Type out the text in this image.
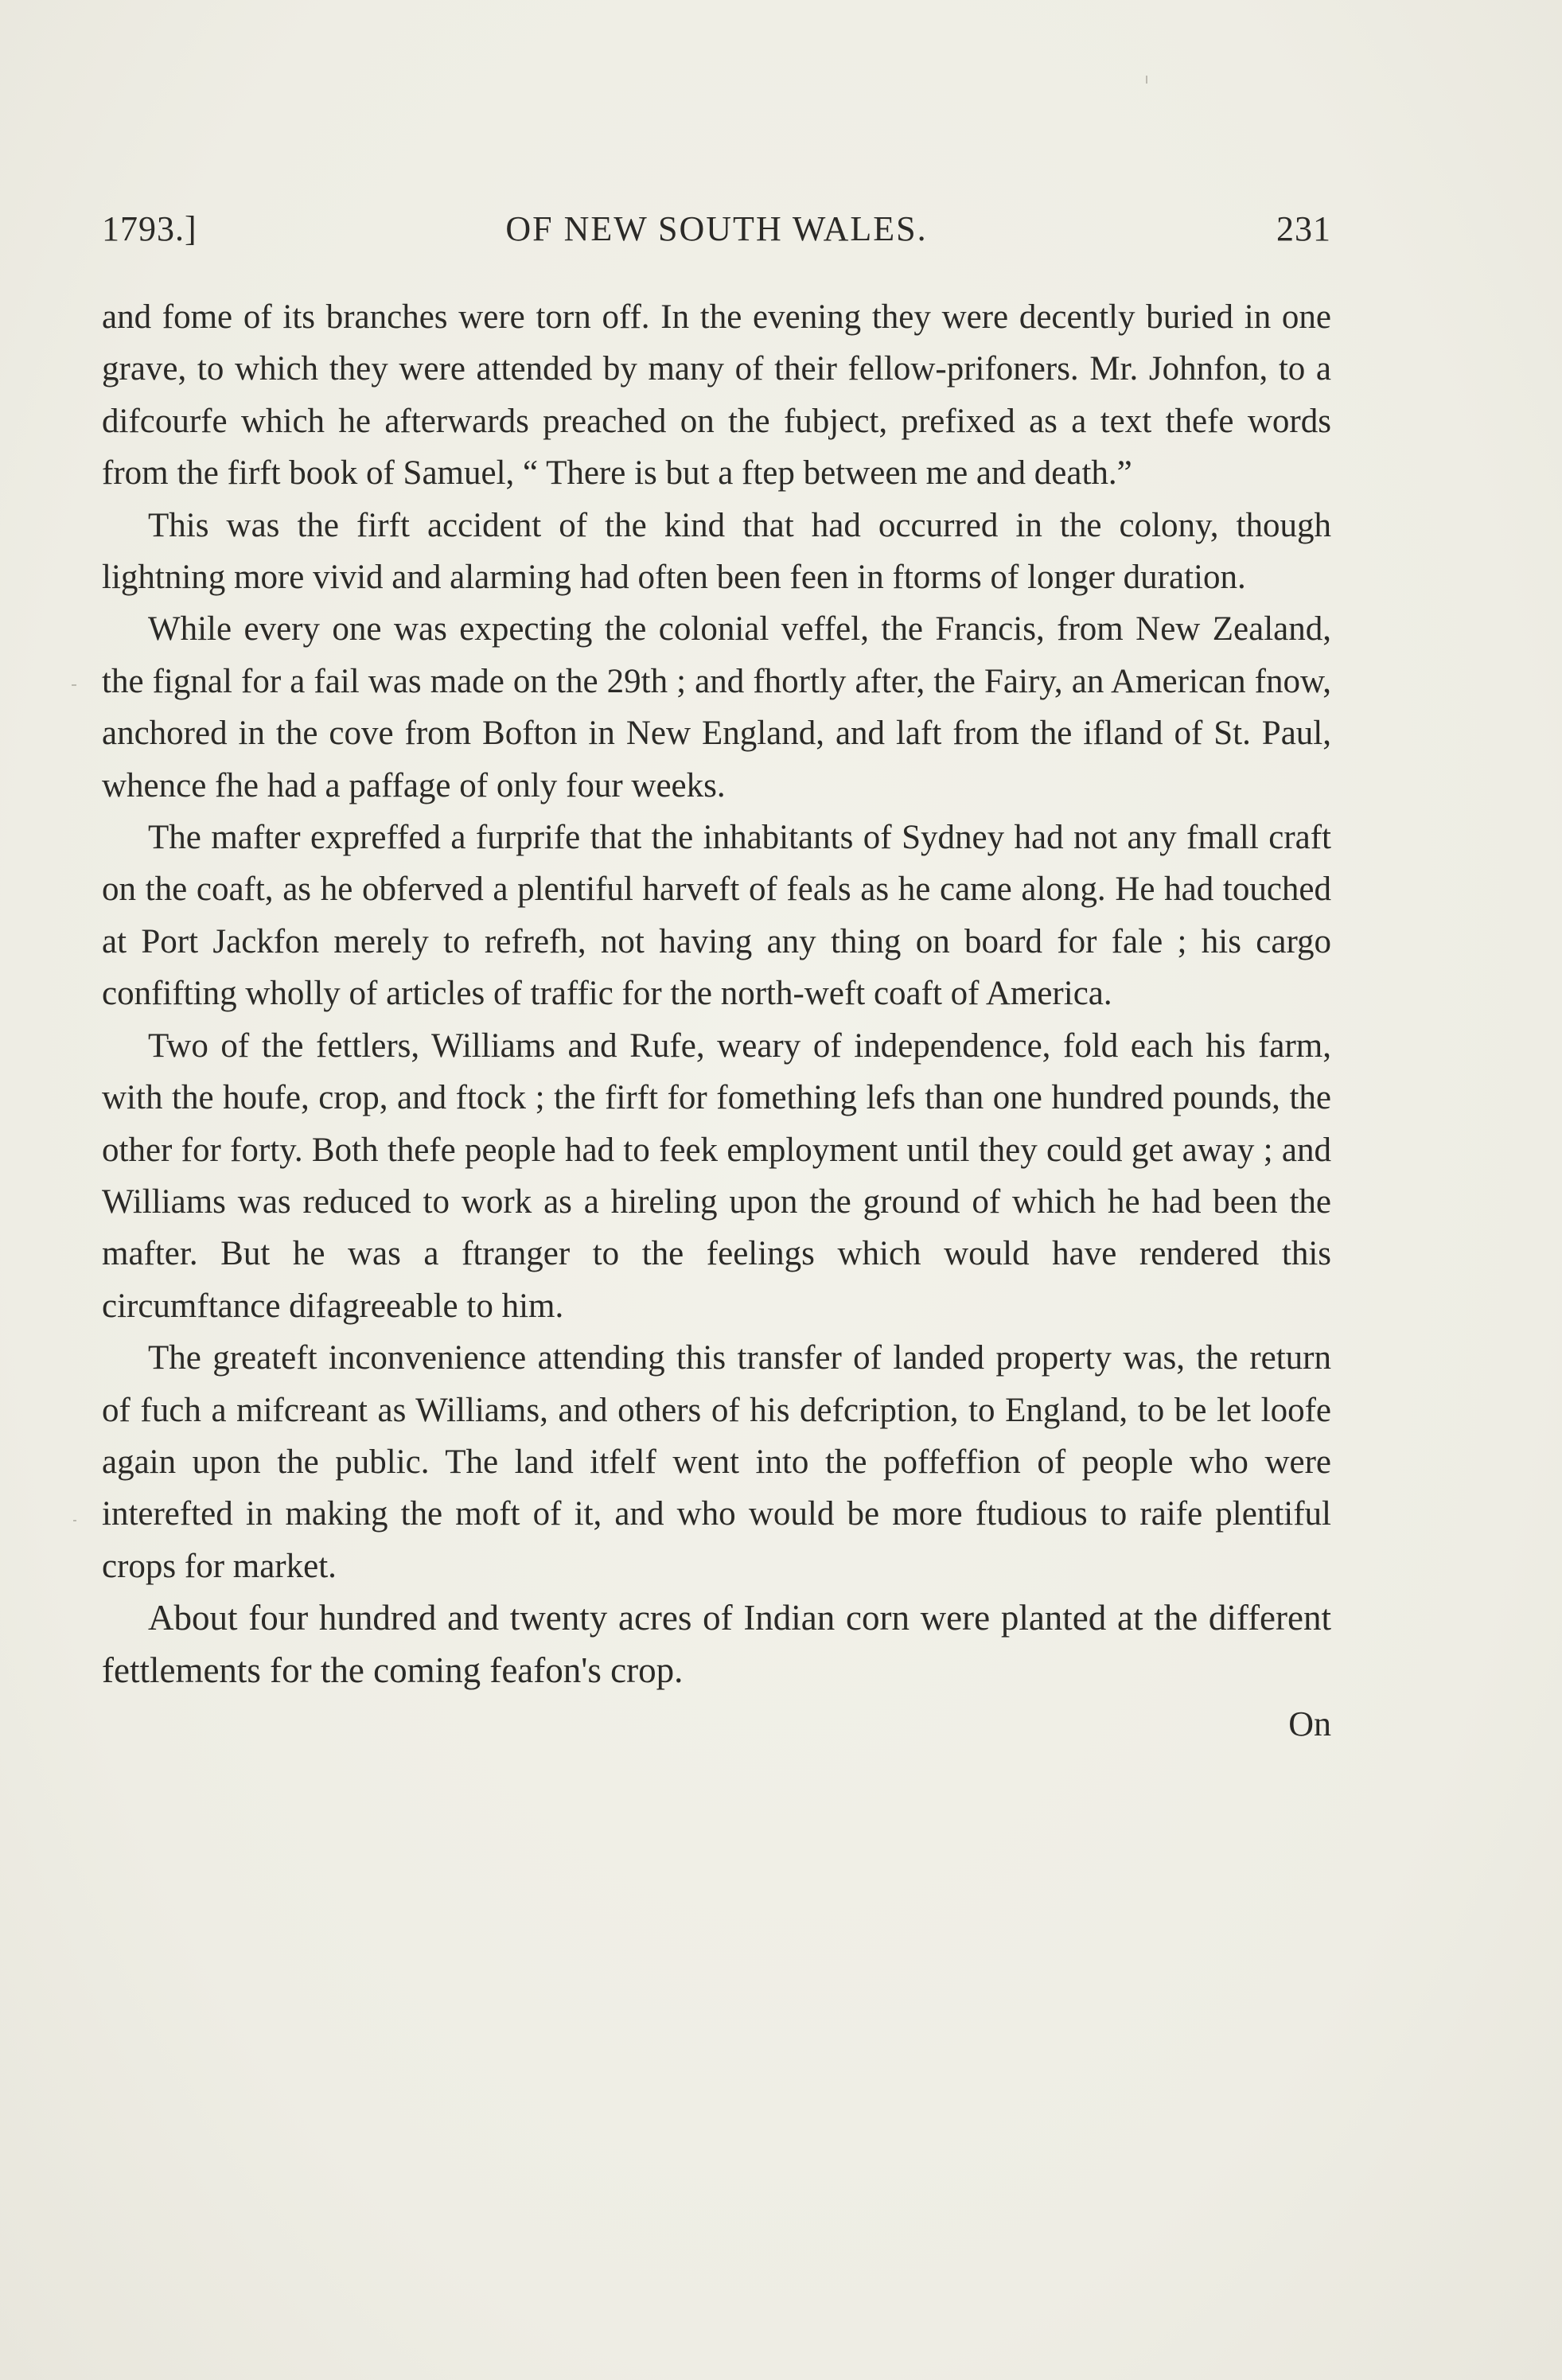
1793.]	OF NEW SOUTH WALES.	231

and fome of its branches were torn off. In the evening they were decently buried in one grave, to which they were attended by many of their fellow-prifoners. Mr. Johnfon, to a difcourfe which he afterwards preached on the fubject, prefixed as a text thefe words from the firft book of Samuel, “ There is but a ftep between me and death.”

This was the firft accident of the kind that had occurred in the colony, though lightning more vivid and alarming had often been feen in ftorms of longer duration.

While every one was expecting the colonial veffel, the Francis, from New Zealand, the fignal for a fail was made on the 29th ; and fhortly after, the Fairy, an American fnow, anchored in the cove from Bofton in New England, and laft from the ifland of St. Paul, whence fhe had a paffage of only four weeks.

The mafter expreffed a furprife that the inhabitants of Sydney had not any fmall craft on the coaft, as he obferved a plentiful harveft of feals as he came along. He had touched at Port Jackfon merely to refrefh, not having any thing on board for fale ; his cargo confifting wholly of articles of traffic for the north-weft coaft of America.

Two of the fettlers, Williams and Rufe, weary of independence, fold each his farm, with the houfe, crop, and ftock ; the firft for fomething lefs than one hundred pounds, the other for forty. Both thefe people had to feek employment until they could get away ; and Williams was reduced to work as a hireling upon the ground of which he had been the mafter. But he was a ftranger to the feelings which would have rendered this circumftance difagreeable to him.

The greateft inconvenience attending this transfer of landed property was, the return of fuch a mifcreant as Williams, and others of his defcription, to England, to be let loofe again upon the public. The land itfelf went into the poffeffion of people who were interefted in making the moft of it, and who would be more ftudious to raife plentiful crops for market.

About four hundred and twenty acres of Indian corn were planted at the different fettlements for the coming feafon's crop.

On
